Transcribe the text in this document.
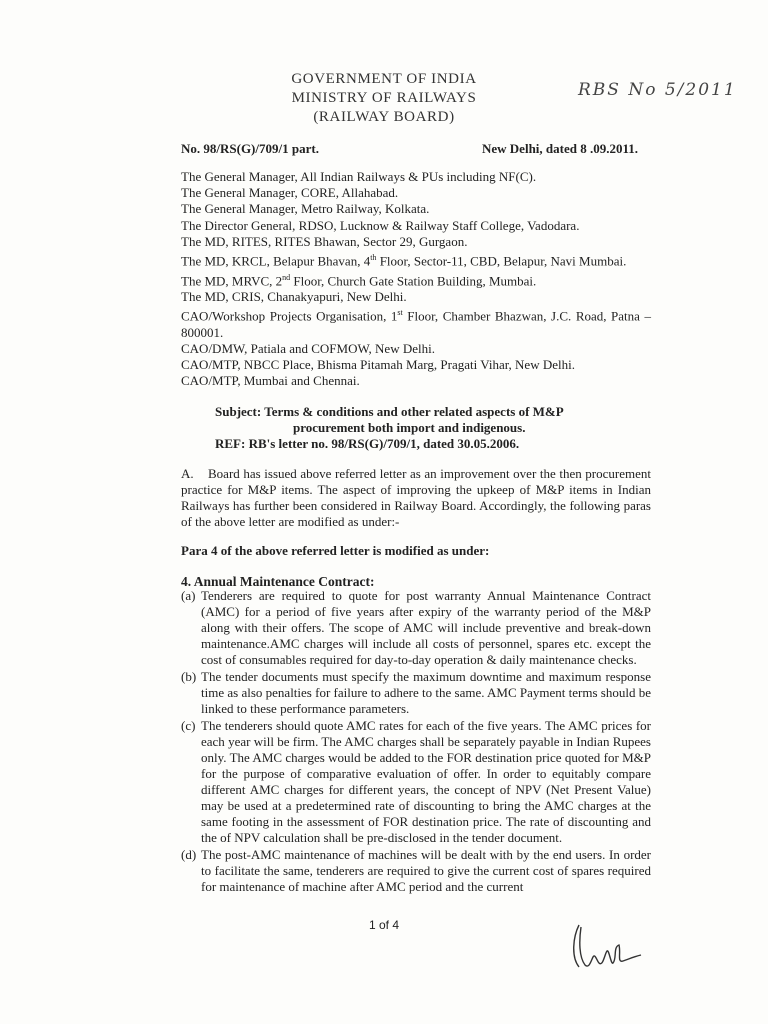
GOVERNMENT OF INDIA
MINISTRY OF RAILWAYS
(RAILWAY BOARD)
RBS No 5/2011
No. 98/RS(G)/709/1 part.	New Delhi, dated 8 .09.2011.
The General Manager, All Indian Railways & PUs including NF(C).
The General Manager, CORE, Allahabad.
The General Manager, Metro Railway, Kolkata.
The Director General, RDSO, Lucknow & Railway Staff College, Vadodara.
The MD, RITES, RITES Bhawan, Sector 29, Gurgaon.
The MD, KRCL, Belapur Bhavan, 4th Floor, Sector-11, CBD, Belapur, Navi Mumbai.
The MD, MRVC, 2nd Floor, Church Gate Station Building, Mumbai.
The MD, CRIS, Chanakyapuri, New Delhi.
CAO/Workshop Projects Organisation, 1st Floor, Chamber Bhazwan, J.C. Road, Patna – 800001.
CAO/DMW, Patiala and COFMOW, New Delhi.
CAO/MTP, NBCC Place, Bhisma Pitamah Marg, Pragati Vihar, New Delhi.
CAO/MTP, Mumbai and Chennai.
Subject: Terms & conditions and other related aspects of M&P
procurement both import and indigenous.
REF: RB's letter no. 98/RS(G)/709/1, dated 30.05.2006.
A. Board has issued above referred letter as an improvement over the then procurement practice for M&P items. The aspect of improving the upkeep of M&P items in Indian Railways has further been considered in Railway Board. Accordingly, the following paras of the above letter are modified as under:-
Para 4 of the above referred letter is modified as under:
4. Annual Maintenance Contract:
(a) Tenderers are required to quote for post warranty Annual Maintenance Contract (AMC) for a period of five years after expiry of the warranty period of the M&P along with their offers. The scope of AMC will include preventive and break-down maintenance.AMC charges will include all costs of personnel, spares etc. except the cost of consumables required for day-to-day operation & daily maintenance checks.
(b) The tender documents must specify the maximum downtime and maximum response time as also penalties for failure to adhere to the same. AMC Payment terms should be linked to these performance parameters.
(c) The tenderers should quote AMC rates for each of the five years. The AMC prices for each year will be firm. The AMC charges shall be separately payable in Indian Rupees only. The AMC charges would be added to the FOR destination price quoted for M&P for the purpose of comparative evaluation of offer. In order to equitably compare different AMC charges for different years, the concept of NPV (Net Present Value) may be used at a predetermined rate of discounting to bring the AMC charges at the same footing in the assessment of FOR destination price. The rate of discounting and the of NPV calculation shall be pre-disclosed in the tender document.
(d) The post-AMC maintenance of machines will be dealt with by the end users. In order to facilitate the same, tenderers are required to give the current cost of spares required for maintenance of machine after AMC period and the current
1 of 4
